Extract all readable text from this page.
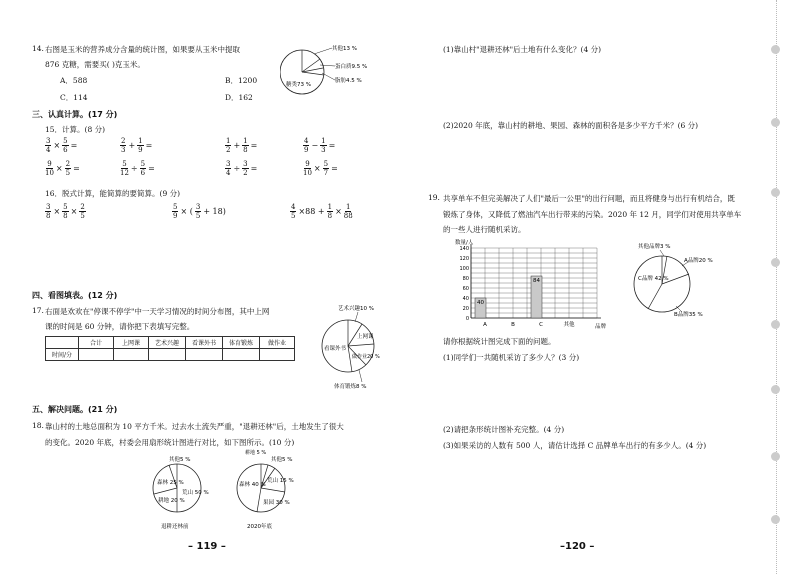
14. 右图是玉米的营养成分含量的统计图，如果要从玉米中提取
876 克糖，需要买( )克玉米。
A．588	B．1200
C．114	D．162
其他13 %
蛋白质9.5 %
脂肪4.5 %
糖类73 %
三、认真计算。(17 分)
15．计算。(8 分)
$\frac{3}{4} \times \frac{5}{6}$ =	$\frac{2}{3} + \frac{1}{9}$ =	$\frac{1}{2} + \frac{1}{8}$ =	$\frac{4}{9} - \frac{1}{3}$ =
$\frac{9}{10} \times \frac{2}{5}$ =	$\frac{5}{12} \div \frac{5}{6}$ =	$\frac{3}{4} \div \frac{3}{2}$ =	$\frac{9}{10} \times \frac{5}{7}$ =
16．脱式计算，能简算的要简算。(9 分)
$\frac{3}{8} \times \frac{5}{8} \times \frac{2}{5}$	$\frac{5}{9}$ × ( $\frac{3}{5} + 18$)	$\frac{4}{5} \times 88 + \frac{1}{8} \times \frac{1}{88}$
四、看图填表。(12 分)
17. 右面是欢欢在"停课不停学"中一天学习情况的时间分布图，其中上网
课的时间是 60 分钟，请你把下表填写完整。
	合计	上网课	艺术兴趣	看课外书	体育锻炼	做作业
时间/分						
艺术兴趣10 %
上网课
看课外书
做作业20 %
体育锻炼8 %
五、解决问题。(21 分)
18. 靠山村的土地总面积为 10 平方千米。过去水土流失严重，"退耕还林"后，土地发生了很大
的变化。2020 年底，村委会用扇形统计图进行对比，如下图所示。(10 分)
其他5 %
森林 25 %
荒山 50 %
耕地 20 %
退耕还林前
耕地 5 %
其他5 %
森林 40 %
荒山 15 %
果园 30 %
2020年底
– 119 –
(1)靠山村"退耕还林"后土地有什么变化？(4 分)
(2)2020 年底，靠山村的耕地、果园、森林的面积各是多少平方千米？(6 分)
19. 共享单车不但完美解决了人们"最后一公里"的出行问题，而且将健身与出行有机结合，既
锻炼了身体，又降低了燃油汽车出行带来的污染。2020 年 12 月，同学们对使用共享单车
的一些人进行随机采访。
数量/人
品牌
0
20
40
60
80
100
120
140
A
40
B	C
84
其他
其他品牌3 %
A品牌20 %
C品牌 42 %
B品牌35 %
请你根据统计图完成下面的问题。
(1)同学们一共随机采访了多少人？(3 分)
(2)请把条形统计图补充完整。(4 分)
(3)如果采访的人数有 500 人，请估计选择 C 品牌单车出行的有多少人。(4 分)
–120 –
